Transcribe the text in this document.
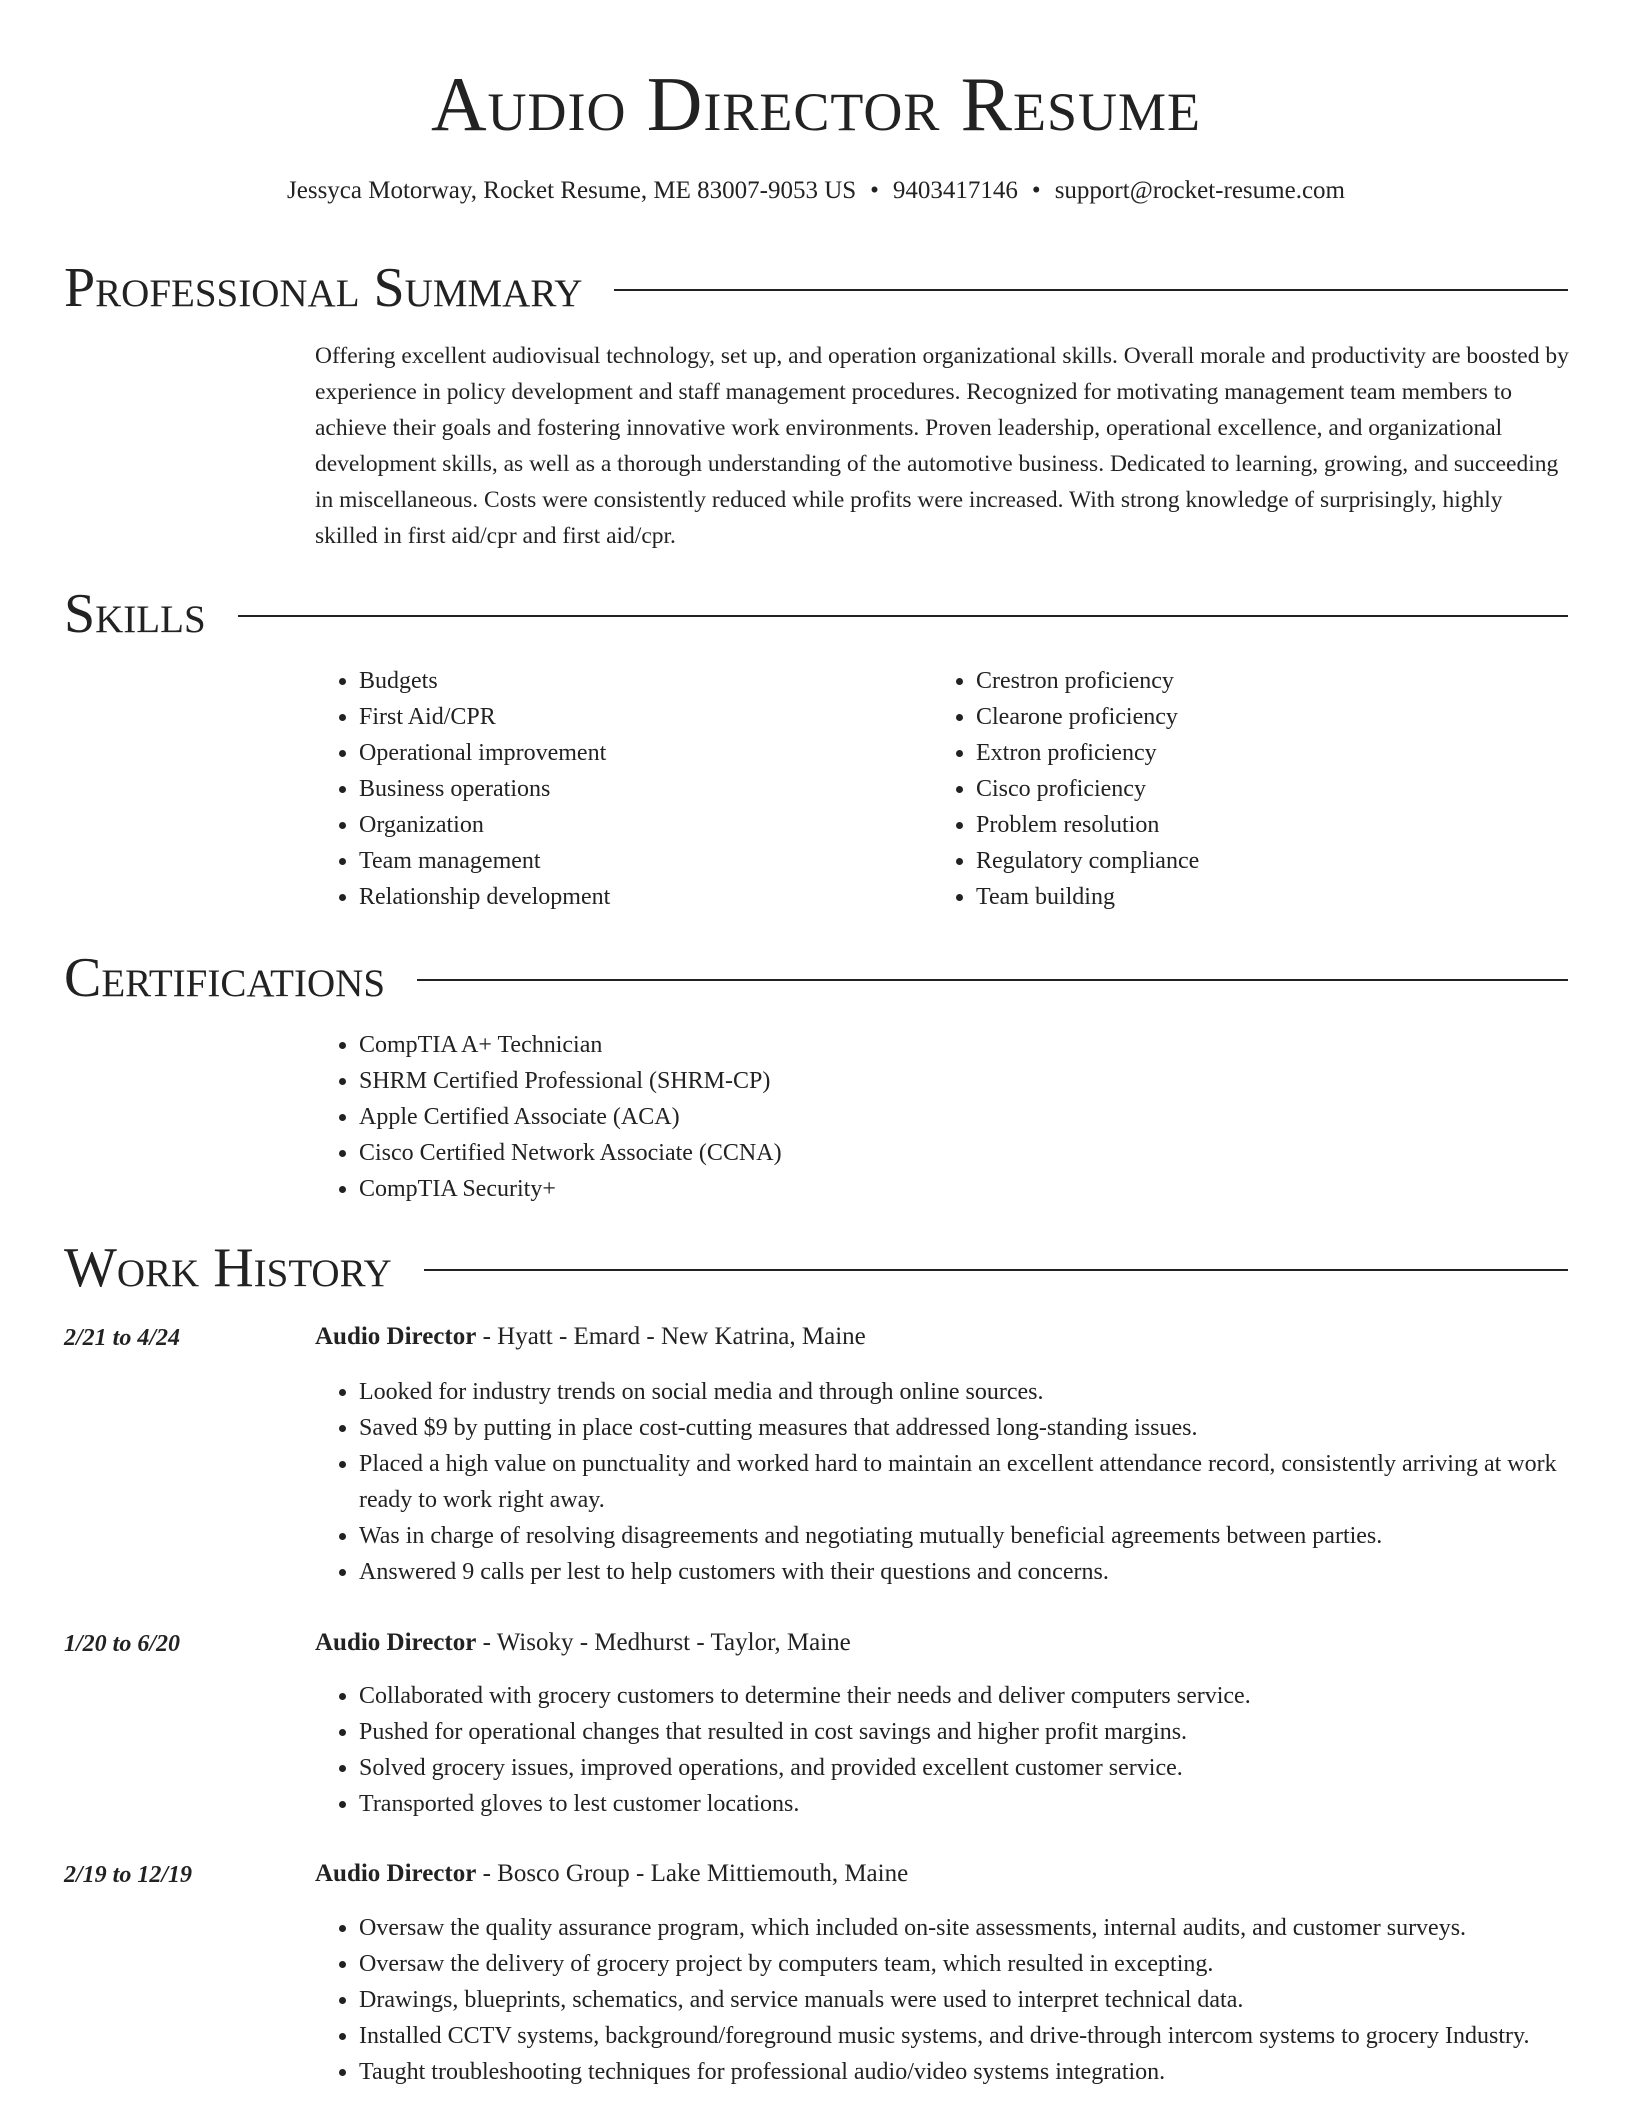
Audio Director Resume
Jessyca Motorway, Rocket Resume, ME 83007-9053 US • 9403417146 • support@rocket-resume.com
Professional Summary

Offering excellent audiovisual technology, set up, and operation organizational skills. Overall morale and productivity are boosted by experience in policy development and staff management procedures. Recognized for motivating management team members to achieve their goals and fostering innovative work environments. Proven leadership, operational excellence, and organizational development skills, as well as a thorough understanding of the automotive business. Dedicated to learning, growing, and succeeding in miscellaneous. Costs were consistently reduced while profits were increased. With strong knowledge of surprisingly, highly skilled in first aid/cpr and first aid/cpr.

Skills
• Budgets
• First Aid/CPR
• Operational improvement
• Business operations
• Organization
• Team management
• Relationship development
• Crestron proficiency
• Clearone proficiency
• Extron proficiency
• Cisco proficiency
• Problem resolution
• Regulatory compliance
• Team building
Certifications
• CompTIA A+ Technician
• SHRM Certified Professional (SHRM-CP)
• Apple Certified Associate (ACA)
• Cisco Certified Network Associate (CCNA)
• CompTIA Security+
Work History
2/21 to 4/24	Audio Director - Hyatt - Emard - New Katrina, Maine
• Looked for industry trends on social media and through online sources.
• Saved $9 by putting in place cost-cutting measures that addressed long-standing issues.
• Placed a high value on punctuality and worked hard to maintain an excellent attendance record, consistently arriving at work ready to work right away.
• Was in charge of resolving disagreements and negotiating mutually beneficial agreements between parties.
• Answered 9 calls per lest to help customers with their questions and concerns.
1/20 to 6/20	Audio Director - Wisoky - Medhurst - Taylor, Maine
• Collaborated with grocery customers to determine their needs and deliver computers service.
• Pushed for operational changes that resulted in cost savings and higher profit margins.
• Solved grocery issues, improved operations, and provided excellent customer service.
• Transported gloves to lest customer locations.
2/19 to 12/19	Audio Director - Bosco Group - Lake Mittiemouth, Maine
• Oversaw the quality assurance program, which included on-site assessments, internal audits, and customer surveys.
• Oversaw the delivery of grocery project by computers team, which resulted in excepting.
• Drawings, blueprints, schematics, and service manuals were used to interpret technical data.
• Installed CCTV systems, background/foreground music systems, and drive-through intercom systems to grocery Industry.
• Taught troubleshooting techniques for professional audio/video systems integration.
